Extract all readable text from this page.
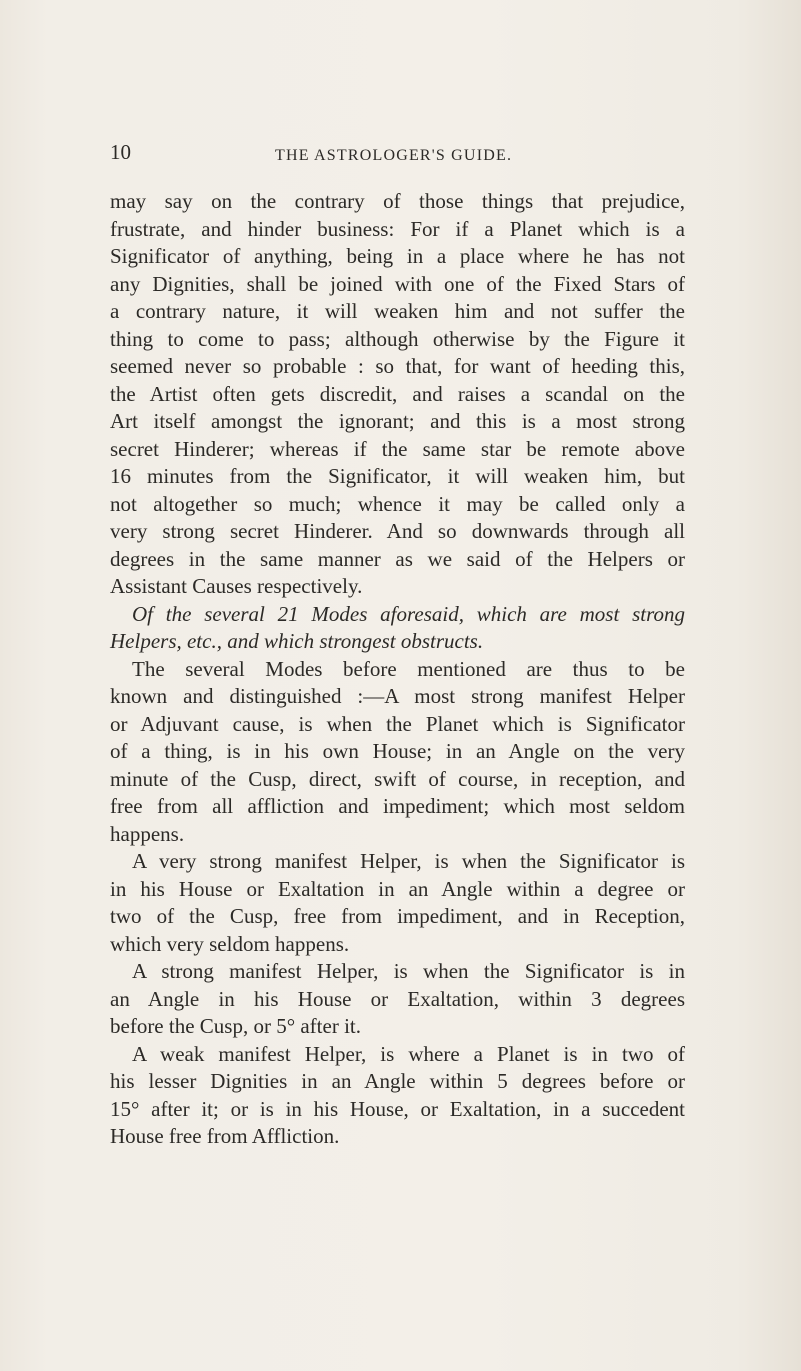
10	THE ASTROLOGER'S GUIDE.
may say on the contrary of those things that prejudice,
frustrate, and hinder business: For if a Planet which is a
Significator of anything, being in a place where he has not
any Dignities, shall be joined with one of the Fixed Stars of
a contrary nature, it will weaken him and not suffer the
thing to come to pass; although otherwise by the Figure it
seemed never so probable : so that, for want of heeding this,
the Artist often gets discredit, and raises a scandal on the
Art itself amongst the ignorant; and this is a most strong
secret Hinderer; whereas if the same star be remote above
16 minutes from the Significator, it will weaken him, but
not altogether so much; whence it may be called only a
very strong secret Hinderer. And so downwards through all
degrees in the same manner as we said of the Helpers or
Assistant Causes respectively.
Of the several 21 Modes aforesaid, which are most strong
Helpers, etc., and which strongest obstructs.
The several Modes before mentioned are thus to be
known and distinguished :—A most strong manifest Helper
or Adjuvant cause, is when the Planet which is Significator
of a thing, is in his own House; in an Angle on the very
minute of the Cusp, direct, swift of course, in reception, and
free from all affliction and impediment; which most seldom
happens.
A very strong manifest Helper, is when the Significator is
in his House or Exaltation in an Angle within a degree or
two of the Cusp, free from impediment, and in Reception,
which very seldom happens.
A strong manifest Helper, is when the Significator is in
an Angle in his House or Exaltation, within 3 degrees
before the Cusp, or 5° after it.
A weak manifest Helper, is where a Planet is in two of
his lesser Dignities in an Angle within 5 degrees before or
15° after it; or is in his House, or Exaltation, in a succedent
House free from Affliction.
